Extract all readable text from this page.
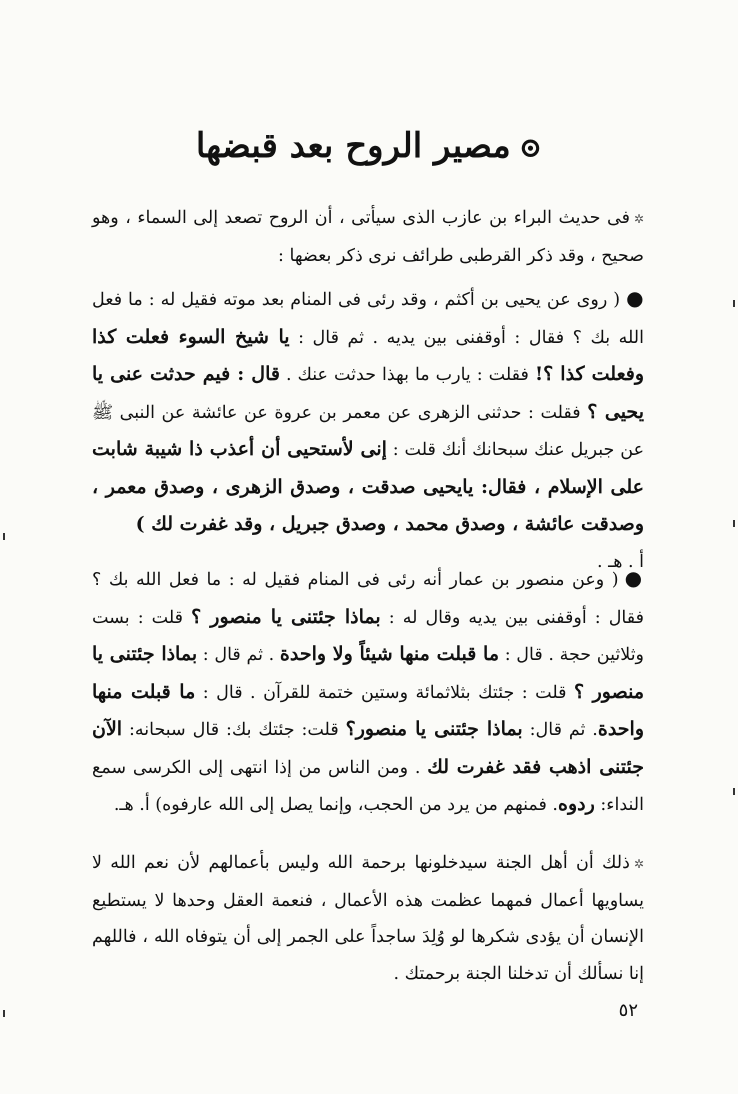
⊙مصير الروح بعد قبضها
✲فى حديث البراء بن عازب الذى سيأتى ، أن الروح تصعد إلى السماء ، وهو صحيح ، وقد ذكر القرطبى طرائف نرى ذكر بعضها :
●( روى عن يحيى بن أكثم ، وقد رئى فى المنام بعد موته فقيل له : ما فعل الله بك ؟ فقال : أوقفنى بين يديه . ثم قال : يا شيخ السوء فعلت كذا وفعلت كذا ؟! فقلت : يارب ما بهذا حدثت عنك . قال : فيم حدثت عنى يا يحيى ؟ فقلت : حدثنى الزهرى عن معمر بن عروة عن عائشة عن النبى ﷺ عن جبريل عنك سبحانك أنك قلت : إنى لأستحيى أن أعذب ذا شيبة شابت على الإسلام ، فقال: يايحيى صدقت ، وصدق الزهرى ، وصدق معمر ، وصدقت عائشة ، وصدق محمد ، وصدق جبريل ، وقد غفرت لك )
أ . هـ .
●( وعن منصور بن عمار أنه رئى فى المنام فقيل له : ما فعل الله بك ؟ فقال : أوقفنى بين يديه وقال له : بماذا جئتنى يا منصور ؟ قلت : بست وثلاثين حجة . قال : ما قبلت منها شيئاً ولا واحدة . ثم قال : بماذا جئتنى يا منصور ؟ قلت : جئتك بثلاثمائة وستين ختمة للقرآن . قال : ما قبلت منها واحدة. ثم قال: بماذا جئتنى يا منصور؟ قلت: جئتك بك: قال سبحانه: الآن جئتنى اذهب فقد غفرت لك . ومن الناس من إذا انتهى إلى الكرسى سمع النداء: ردوه. فمنهم من يرد من الحجب، وإنما يصل إلى الله عارفوه) أ. هـ.
✲ذلك أن أهل الجنة سيدخلونها برحمة الله وليس بأعمالهم لأن نعم الله لا يساويها أعمال فمهما عظمت هذه الأعمال ، فنعمة العقل وحدها لا يستطيع الإنسان أن يؤدى شكرها لو وُلِدَ ساجداً على الجمر إلى أن يتوفاه الله ، فاللهم إنا نسألك أن تدخلنا الجنة برحمتك .
٥٢
